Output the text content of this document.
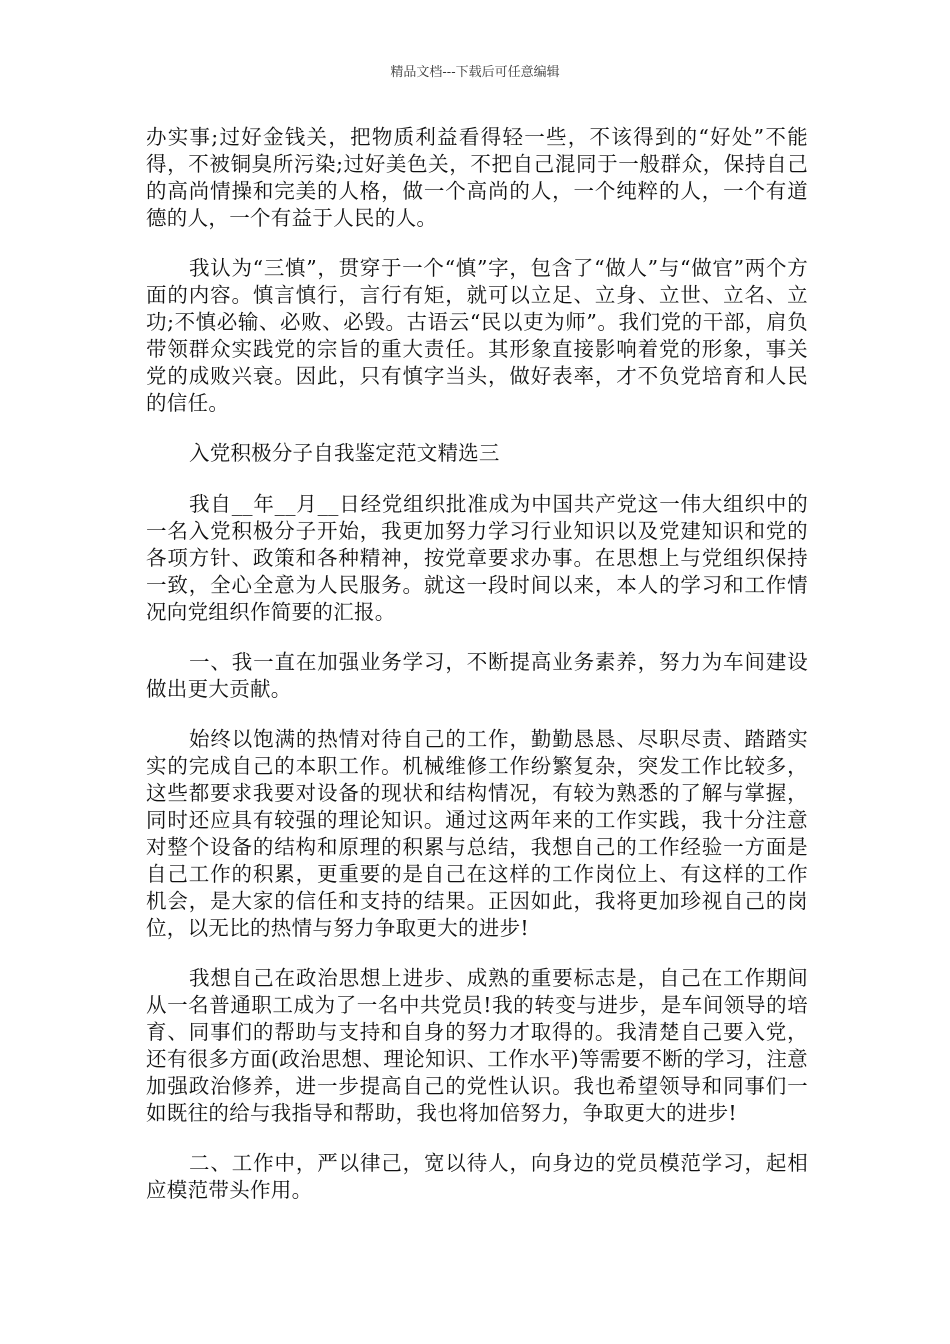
精品文档---下载后可任意编辑

办实事;过好金钱关，把物质利益看得轻一些，不该得到的“好处”不能得，不被铜臭所污染;过好美色关，不把自己混同于一般群众，保持自己的高尚情操和完美的人格，做一个高尚的人，一个纯粹的人，一个有道德的人，一个有益于人民的人。

我认为“三慎”，贯穿于一个“慎”字，包含了“做人”与“做官”两个方面的内容。慎言慎行，言行有矩，就可以立足、立身、立世、立名、立功;不慎必输、必败、必毁。古语云“民以吏为师”。我们党的干部，肩负带领群众实践党的宗旨的重大责任。其形象直接影响着党的形象，事关党的成败兴衰。因此，只有慎字当头，做好表率，才不负党培育和人民的信任。

入党积极分子自我鉴定范文精选三

我自__年__月__日经党组织批准成为中国共产党这一伟大组织中的一名入党积极分子开始，我更加努力学习行业知识以及党建知识和党的各项方针、政策和各种精神，按党章要求办事。在思想上与党组织保持一致，全心全意为人民服务。就这一段时间以来，本人的学习和工作情况向党组织作简要的汇报。

一、我一直在加强业务学习，不断提高业务素养，努力为车间建设做出更大贡献。

始终以饱满的热情对待自己的工作，勤勤恳恳、尽职尽责、踏踏实实的完成自己的本职工作。机械维修工作纷繁复杂，突发工作比较多，这些都要求我要对设备的现状和结构情况，有较为熟悉的了解与掌握，同时还应具有较强的理论知识。通过这两年来的工作实践，我十分注意对整个设备的结构和原理的积累与总结，我想自己的工作经验一方面是自己工作的积累，更重要的是自己在这样的工作岗位上、有这样的工作机会，是大家的信任和支持的结果。正因如此，我将更加珍视自己的岗位，以无比的热情与努力争取更大的进步!

我想自己在政治思想上进步、成熟的重要标志是，自己在工作期间从一名普通职工成为了一名中共党员!我的转变与进步，是车间领导的培育、同事们的帮助与支持和自身的努力才取得的。我清楚自己要入党，还有很多方面(政治思想、理论知识、工作水平)等需要不断的学习，注意加强政治修养，进一步提高自己的党性认识。我也希望领导和同事们一如既往的给与我指导和帮助，我也将加倍努力，争取更大的进步!

二、工作中，严以律己，宽以待人，向身边的党员模范学习，起相应模范带头作用。
